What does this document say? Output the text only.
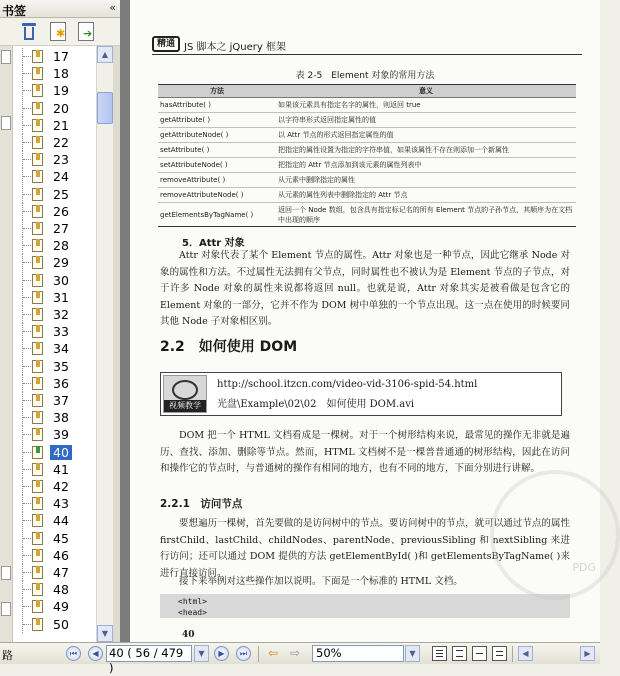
书签	«
✱ ➔
17
18
19
20
21
22
23
24
25
26
27
28
29
30
31
32
33
34
35
36
37
38
39
40
41
42
43
44
45
46
47
48
49
50
▲
▼
精通 JS 脚本之 jQuery 框架
表 2-5　Element 对象的常用方法
方法	意义
hasAttribute( )	如果该元素具有指定名字的属性，则返回 true
getAttribute( )	以字符串形式返回指定属性的值
getAttributeNode( )	以 Attr 节点的形式返回指定属性的值
setAttribute( )	把指定的属性设置为指定的字符串值，如果该属性不存在则添加一个新属性
setAttributeNode( )	把指定的 Attr 节点添加到该元素的属性列表中
removeAttribute( )	从元素中删除指定的属性
removeAttributeNode( )	从元素的属性列表中删除指定的 Attr 节点
getElementsByTagName( )	返回一个 Node 数组，包含具有指定标记名的所有 Element 节点的子孙节点，其顺序为在文档中出现的顺序
5．Attr 对象
Attr 对象代表了某个 Element 节点的属性。Attr 对象也是一种节点，因此它继承 Node 对象的属性和方法。不过属性无法拥有父节点，同时属性也不被认为是 Element 节点的子节点，对于许多 Node 对象的属性来说都将返回 null。也就是说，Attr 对象其实是被看做是包含它的 Element 对象的一部分，它并不作为 DOM 树中单独的一个节点出现。这一点在使用的时候要同其他 Node 子对象相区别。
2.2　如何使用 DOM
视频教学
http://school.itzcn.com/video-vid-3106-spid-54.html
光盘\Example\02\02　如何使用 DOM.avi
DOM 把一个 HTML 文档看成是一棵树。对于一个树形结构来说，最常见的操作无非就是遍历、查找、添加、删除等节点。然而，HTML 文档树不是一棵普普通通的树形结构，因此在访问和操作它的节点时，与普通树的操作有相同的地方，也有不同的地方，下面分别进行讲解。
2.2.1　访问节点
要想遍历一棵树，首先要做的是访问树中的节点。要访问树中的节点，就可以通过节点的属性 firstChild、lastChild、childNodes、parentNode、previousSibling 和 nextSibling 来进行访问；还可以通过 DOM 提供的方法 getElementById( )和 getElementsByTagName( )来进行直接访问。
接下来举例对这些操作加以说明。下面是一个标准的 HTML 文档。
<html>
<head>
40
PDG
路	⏮	◀ 40 ( 56 / 479 )
▼	▶	⏭	⇦ ⇨	50%	▼	◀	▶
